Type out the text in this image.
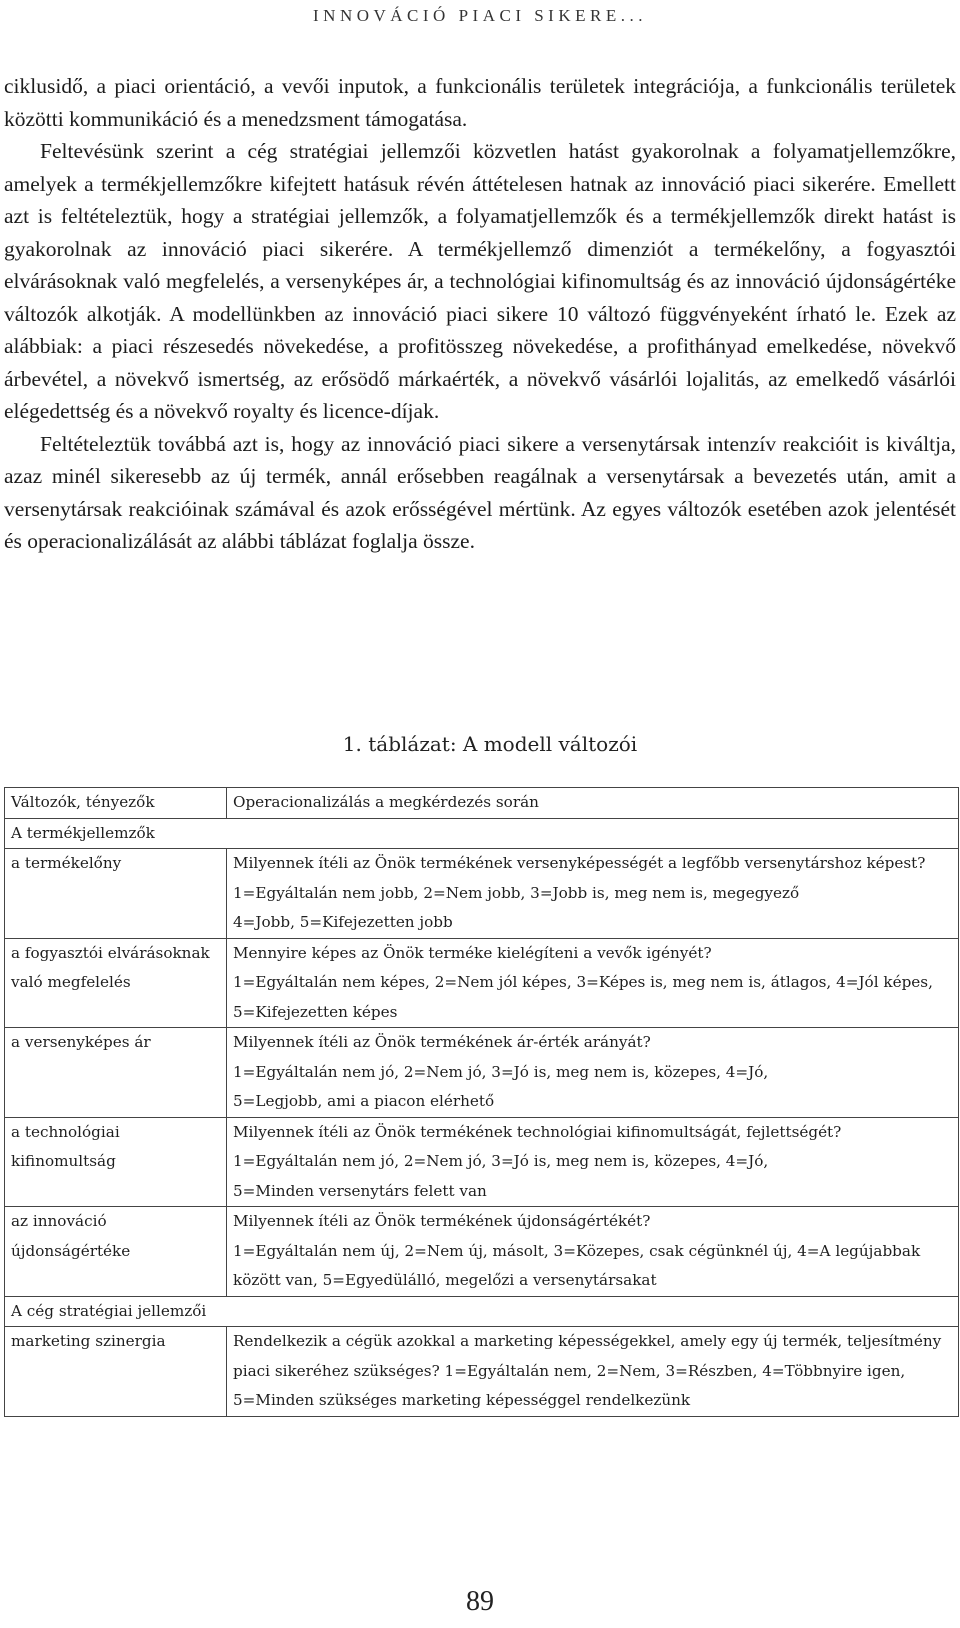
INNOVÁCIÓ PIACI SIKERE...

ciklusidő, a piaci orientáció, a vevői inputok, a funkcionális területek integrációja, a funkcionális területek közötti kommunikáció és a menedzsment támogatása.

Feltevésünk szerint a cég stratégiai jellemzői közvetlen hatást gyakorolnak a folyamatjellemzőkre, amelyek a termékjellemzőkre kifejtett hatásuk révén áttételesen hatnak az innováció piaci sikerére. Emellett azt is feltételeztük, hogy a stratégiai jellemzők, a folyamatjellemzők és a termékjellemzők direkt hatást is gyakorolnak az innováció piaci sikerére. A termékjellemző dimenziót a termékelőny, a fogyasztói elvárásoknak való megfelelés, a versenyképes ár, a technológiai kifinomultság és az innováció újdonságértéke változók alkotják. A modellünkben az innováció piaci sikere 10 változó függvényeként írható le. Ezek az alábbiak: a piaci részesedés növekedése, a profitösszeg növekedése, a profithányad emelkedése, növekvő árbevétel, a növekvő ismertség, az erősödő márkaérték, a növekvő vásárlói lojalitás, az emelkedő vásárlói elégedettség és a növekvő royalty és licence-díjak.

Feltételeztük továbbá azt is, hogy az innováció piaci sikere a versenytársak intenzív reakcióit is kiváltja, azaz minél sikeresebb az új termék, annál erősebben reagálnak a versenytársak a bevezetés után, amit a versenytársak reakcióinak számával és azok erősségével mértünk. Az egyes változók esetében azok jelentését és operacionalizálását az alábbi táblázat foglalja össze.

1. táblázat: A modell változói
Változók, tényezők	Operacionalizálás a megkérdezés során
A termékjellemzők	

a termékelőny	Milyennek ítéli az Önök termékének versenyképességét a legfőbb versenytárshoz képest?
1=Egyáltalán nem jobb, 2=Nem jobb, 3=Jobb is, meg nem is, megegyező
4=Jobb, 5=Kifejezetten jobb

a fogyasztói elvárásoknak való megfelelés	Mennyire képes az Önök terméke kielégíteni a vevők igényét?
1=Egyáltalán nem képes, 2=Nem jól képes, 3=Képes is, meg nem is, átlagos, 4=Jól képes, 5=Kifejezetten képes

a versenyképes ár	Milyennek ítéli az Önök termékének ár-érték arányát?
1=Egyáltalán nem jó, 2=Nem jó, 3=Jó is, meg nem is, közepes, 4=Jó,
5=Legjobb, ami a piacon elérhető

a technológiai kifinomultság	Milyennek ítéli az Önök termékének technológiai kifinomultságát, fejlettségét?
1=Egyáltalán nem jó, 2=Nem jó, 3=Jó is, meg nem is, közepes, 4=Jó,
5=Minden versenytárs felett van

az innováció újdonságértéke	Milyennek ítéli az Önök termékének újdonságértékét?
1=Egyáltalán nem új, 2=Nem új, másolt, 3=Közepes, csak cégünknél új, 4=A legújabbak között van, 5=Egyedülálló, megelőzi a versenytársakat

A cég stratégiai jellemzői	

marketing szinergia	Rendelkezik a cégük azokkal a marketing képességekkel, amely egy új termék, teljesítmény piaci sikeréhez szükséges? 1=Egyáltalán nem, 2=Nem, 3=Részben, 4=Többnyire igen, 5=Minden szükséges marketing képességgel rendelkezünk
89
